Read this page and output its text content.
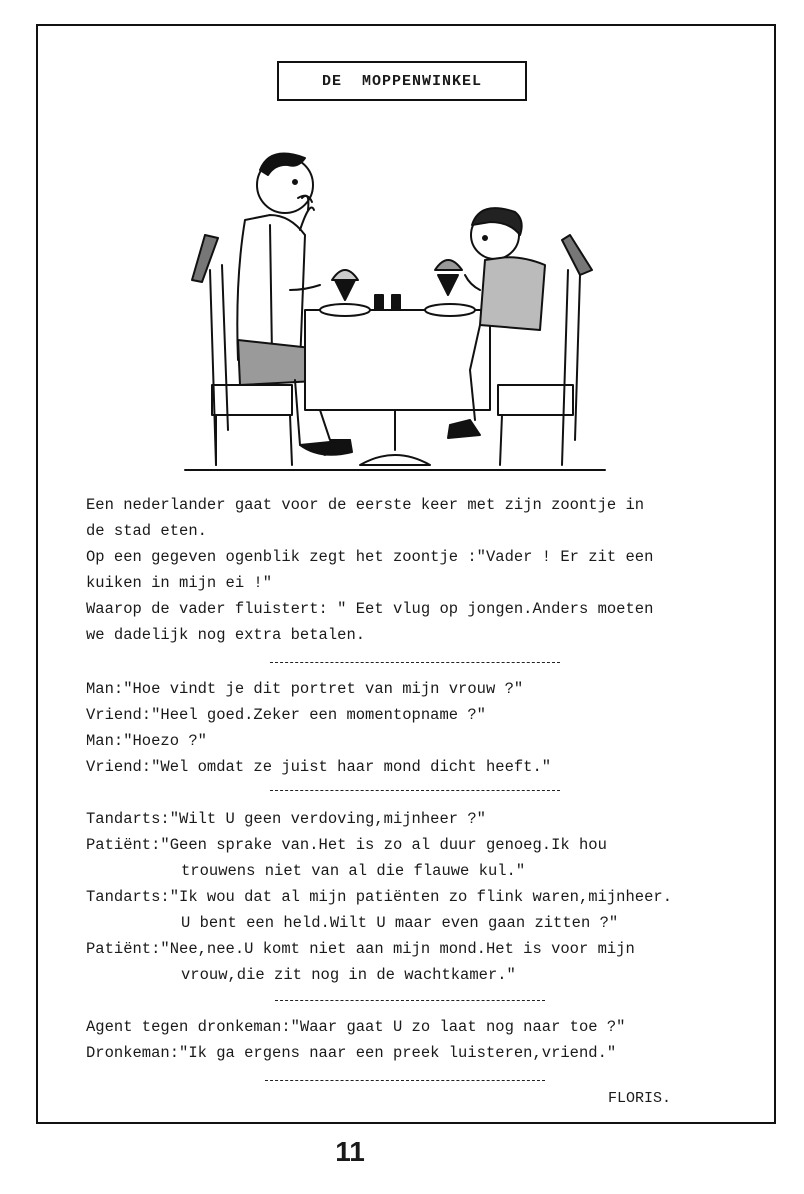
DE  MOPPENWINKEL
Een nederlander gaat voor de eerste keer met zijn zoontje in
de stad eten.
Op een gegeven ogenblik zegt het zoontje :"Vader ! Er zit een
kuiken in mijn ei !"
Waarop de vader fluistert: " Eet vlug op jongen.Anders moeten
we dadelijk nog extra betalen.
Man:"Hoe vindt je dit portret van mijn vrouw ?"
Vriend:"Heel goed.Zeker een momentopname ?"
Man:"Hoezo ?"
Vriend:"Wel omdat ze juist haar mond dicht heeft."
Tandarts:"Wilt U geen verdoving,mijnheer ?"
Patiënt:"Geen sprake van.Het is zo al duur genoeg.Ik hou
trouwens niet van al die flauwe kul."
Tandarts:"Ik wou dat al mijn patiënten zo flink waren,mijnheer.
U bent een held.Wilt U maar even gaan zitten ?"
Patiënt:"Nee,nee.U komt niet aan mijn mond.Het is voor mijn
vrouw,die zit nog in de wachtkamer."
Agent tegen dronkeman:"Waar gaat U zo laat nog naar toe ?"
Dronkeman:"Ik ga ergens naar een preek luisteren,vriend."
FLORIS.
11
